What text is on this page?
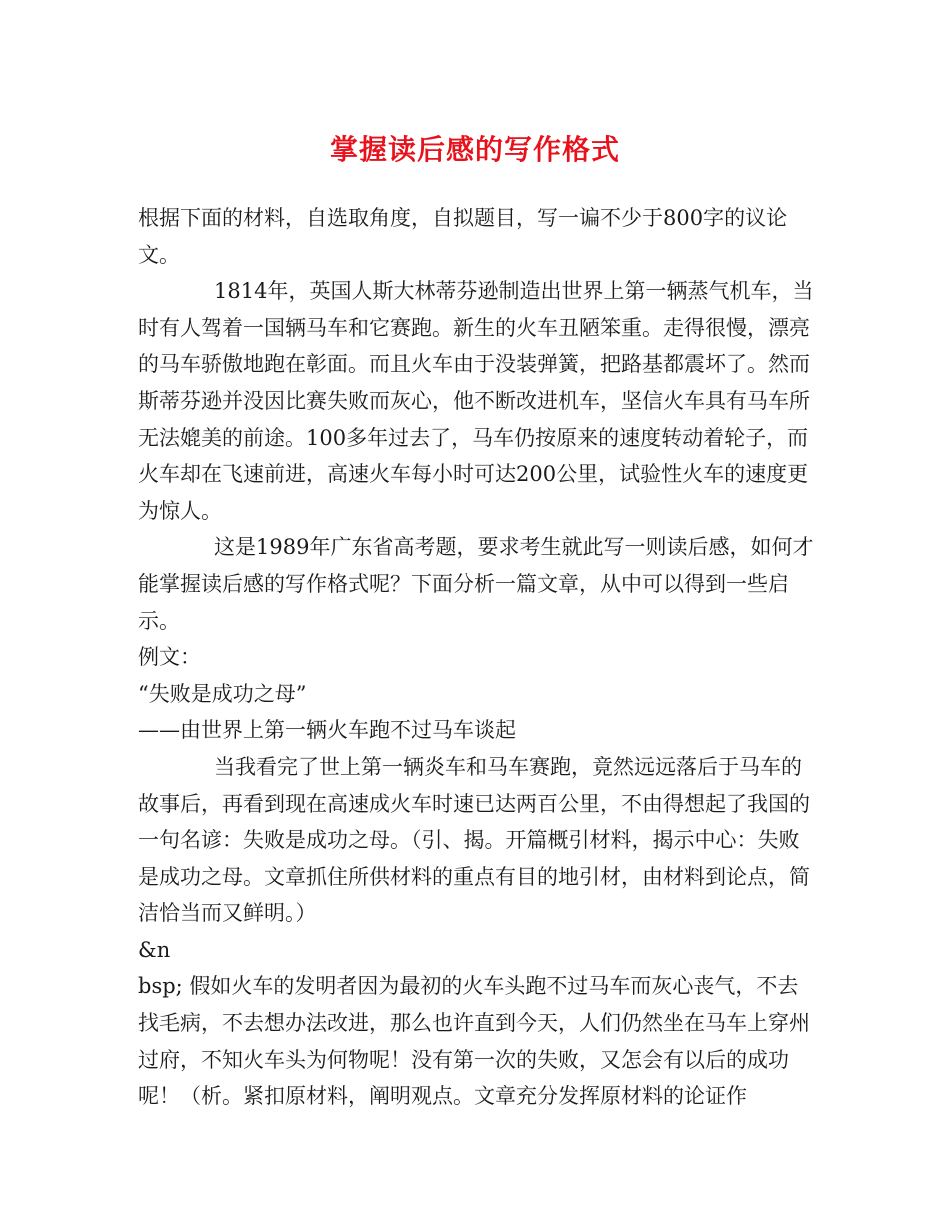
掌握读后感的写作格式

根据下面的材料，自选取角度，自拟题目，写一谝不少于800字的议论文。

1814年，英国人斯大林蒂芬逊制造出世界上第一辆蒸气机车，当时有人驾着一国辆马车和它赛跑。新生的火车丑陋笨重。走得很慢，漂亮的马车骄傲地跑在彰面。而且火车由于没装弹簧，把路基都震坏了。然而斯蒂芬逊并没因比赛失败而灰心，他不断改进机车，坚信火车具有马车所无法媲美的前途。100多年过去了，马车仍按原来的速度转动着轮子，而火车却在飞速前进，高速火车每小时可达200公里，试验性火车的速度更为惊人。

这是1989年广东省高考题，要求考生就此写一则读后感，如何才能掌握读后感的写作格式呢？下面分析一篇文章，从中可以得到一些启示。

例文：

“失败是成功之母”

——由世界上第一辆火车跑不过马车谈起

当我看完了世上第一辆炎车和马车赛跑，竟然远远落后于马车的故事后，再看到现在高速成火车时速已达两百公里，不由得想起了我国的一句名谚：失败是成功之母。（引、揭。开篇概引材料，揭示中心：失败是成功之母。文章抓住所供材料的重点有目的地引材，由材料到论点，简洁恰当而又鲜明。）

&n

bsp; 假如火车的发明者因为最初的火车头跑不过马车而灰心丧气，不去找毛病，不去想办法改进，那么也许直到今天，人们仍然坐在马车上穿州过府，不知火车头为何物呢！没有第一次的失败，又怎会有以后的成功呢！（析。紧扣原材料，阐明观点。文章充分发挥原材料的论证作
